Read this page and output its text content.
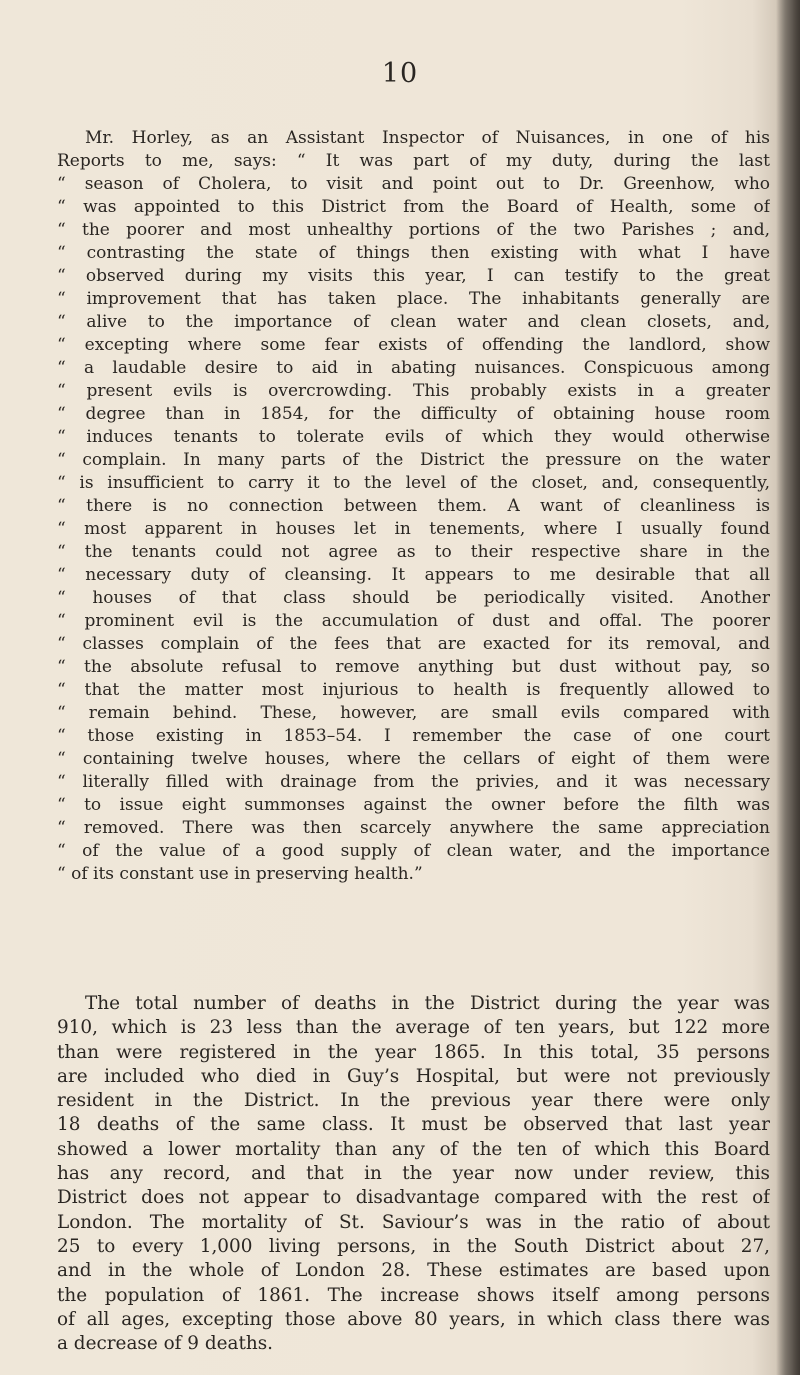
10
Mr. Horley, as an Assistant Inspector of Nuisances, in one of his
Reports to me, says: “ It was part of my duty, during the last
“ season of Cholera, to visit and point out to Dr. Greenhow, who
“ was appointed to this District from the Board of Health, some of
“ the poorer and most unhealthy portions of the two Parishes ; and,
“ contrasting the state of things then existing with what I have
“ observed during my visits this year, I can testify to the great
“ improvement that has taken place. The inhabitants generally are
“ alive to the importance of clean water and clean closets, and,
“ excepting where some fear exists of offending the landlord, show
“ a laudable desire to aid in abating nuisances. Conspicuous among
“ present evils is overcrowding. This probably exists in a greater
“ degree than in 1854, for the difficulty of obtaining house room
“ induces tenants to tolerate evils of which they would otherwise
“ complain. In many parts of the District the pressure on the water
“ is insufficient to carry it to the level of the closet, and, consequently,
“ there is no connection between them. A want of cleanliness is
“ most apparent in houses let in tenements, where I usually found
“ the tenants could not agree as to their respective share in the
“ necessary duty of cleansing. It appears to me desirable that all
“ houses of that class should be periodically visited. Another
“ prominent evil is the accumulation of dust and offal. The poorer
“ classes complain of the fees that are exacted for its removal, and
“ the absolute refusal to remove anything but dust without pay, so
“ that the matter most injurious to health is frequently allowed to
“ remain behind. These, however, are small evils compared with
“ those existing in 1853–54. I remember the case of one court
“ containing twelve houses, where the cellars of eight of them were
“ literally filled with drainage from the privies, and it was necessary
“ to issue eight summonses against the owner before the filth was
“ removed. There was then scarcely anywhere the same appreciation
“ of the value of a good supply of clean water, and the importance
“ of its constant use in preserving health.”
The total number of deaths in the District during the year was
910, which is 23 less than the average of ten years, but 122 more
than were registered in the year 1865. In this total, 35 persons
are included who died in Guy’s Hospital, but were not previously
resident in the District. In the previous year there were only
18 deaths of the same class. It must be observed that last year
showed a lower mortality than any of the ten of which this Board
has any record, and that in the year now under review, this
District does not appear to disadvantage compared with the rest of
London. The mortality of St. Saviour’s was in the ratio of about
25 to every 1,000 living persons, in the South District about 27,
and in the whole of London 28. These estimates are based upon
the population of 1861. The increase shows itself among persons
of all ages, excepting those above 80 years, in which class there was
a decrease of 9 deaths.
